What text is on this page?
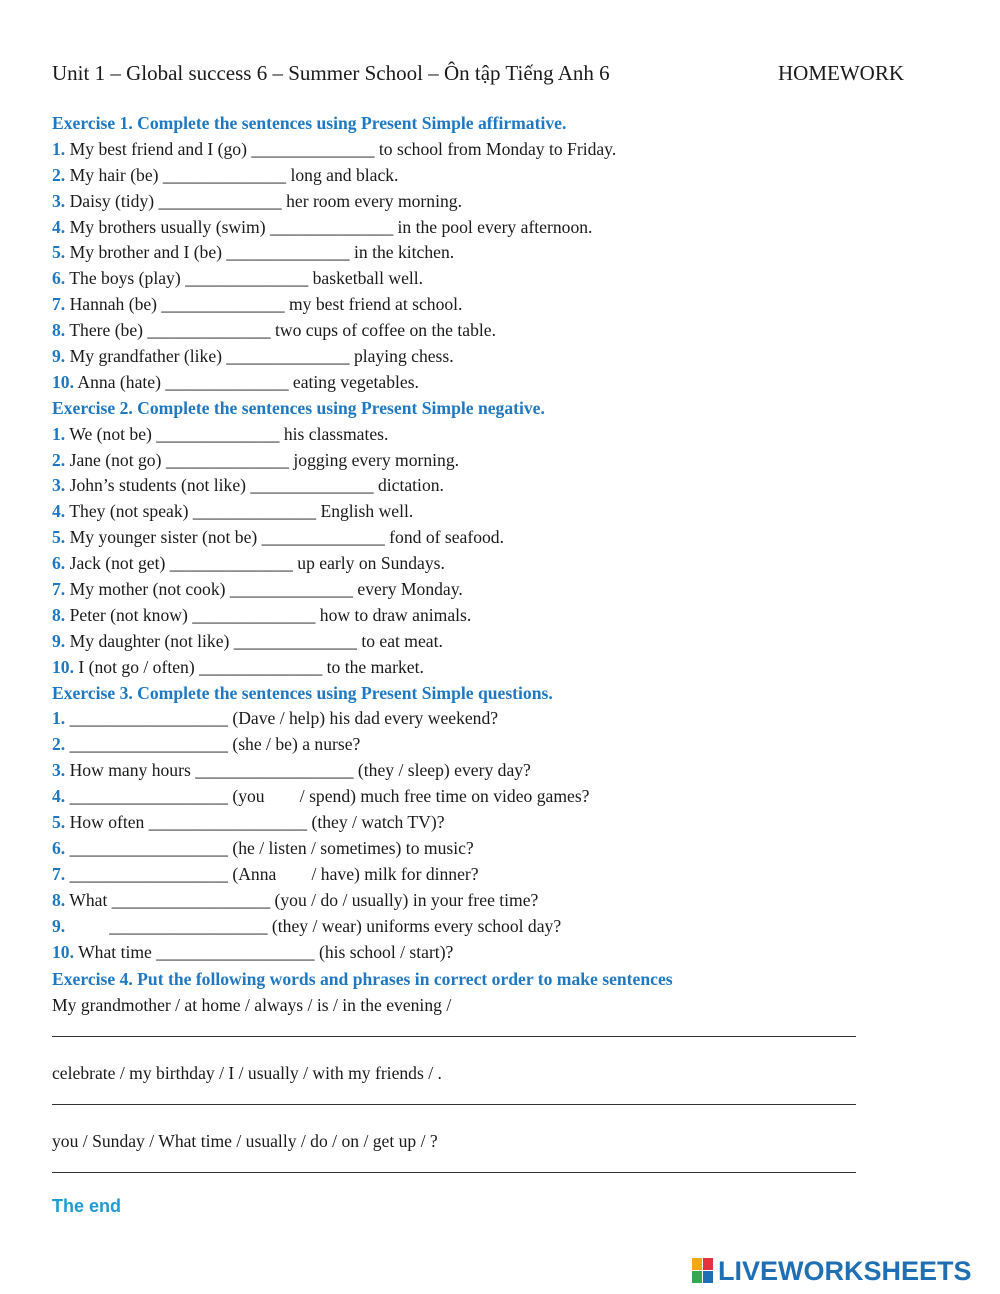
Unit 1 – Global success 6 – Summer School – Ôn tập Tiếng Anh 6	HOMEWORK
Exercise 1. Complete the sentences using Present Simple affirmative.
1. My best friend and I (go) ______________ to school from Monday to Friday.
2. My hair (be) ______________ long and black.
3. Daisy (tidy) ______________ her room every morning.
4. My brothers usually (swim) ______________ in the pool every afternoon.
5. My brother and I (be) ______________ in the kitchen.
6. The boys (play) ______________ basketball well.
7. Hannah (be) ______________ my best friend at school.
8. There (be) ______________ two cups of coffee on the table.
9. My grandfather (like) ______________ playing chess.
10. Anna (hate) ______________ eating vegetables.
Exercise 2. Complete the sentences using Present Simple negative.
1. We (not be) ______________ his classmates.
2. Jane (not go) ______________ jogging every morning.
3. John’s students (not like) ______________ dictation.
4. They (not speak) ______________ English well.
5. My younger sister (not be) ______________ fond of seafood.
6. Jack (not get) ______________ up early on Sundays.
7. My mother (not cook) ______________ every Monday.
8. Peter (not know) ______________ how to draw animals.
9. My daughter (not like) ______________ to eat meat.
10. I (not go / often) ______________ to the market.
Exercise 3. Complete the sentences using Present Simple questions.
1. __________________ (Dave / help) his dad every weekend?
2. __________________ (she / be) a nurse?
3. How many hours __________________ (they / sleep) every day?
4. __________________ (you        / spend) much free time on video games?
5. How often __________________ (they / watch TV)?
6. __________________ (he / listen / sometimes) to music?
7. __________________ (Anna        / have) milk for dinner?
8. What __________________ (you / do / usually) in your free time?
9.          __________________ (they / wear) uniforms every school day?
10. What time __________________ (his school / start)?
Exercise 4. Put the following words and phrases in correct order to make sentences
My grandmother / at home / always / is / in the evening /
celebrate / my birthday / I / usually / with my friends / .
you / Sunday / What time / usually / do / on / get up / ?
The end
LIVEWORKSHEETS
